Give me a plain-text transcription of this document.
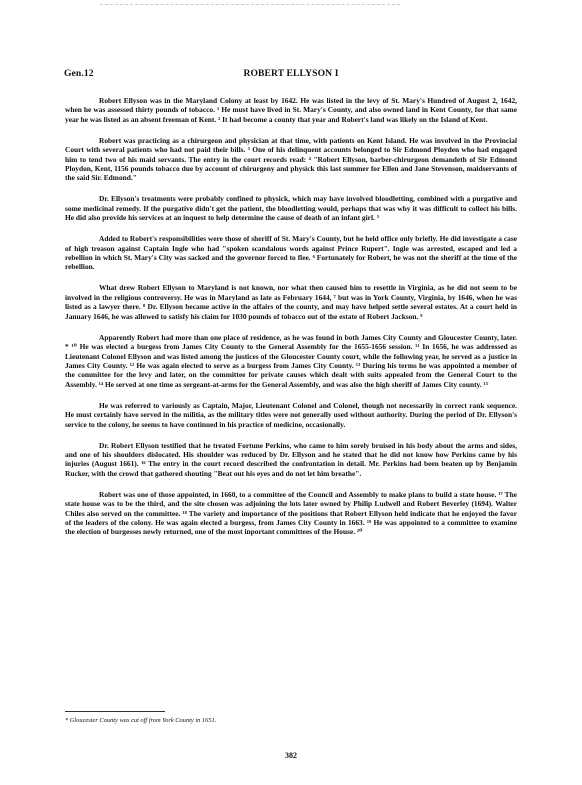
Gen.12	ROBERT ELLYSON I

Robert Ellyson was in the Maryland Colony at least by 1642. He was listed in the levy of St. Mary's Hundred of August 2, 1642, when he was assessed thirty pounds of tobacco. ¹ He must have lived in St. Mary's County, and also owned land in Kent County, for that same year he was listed as an absent freeman of Kent. ² It had become a county that year and Robert's land was likely on the Island of Kent.

Robert was practicing as a chirurgeon and physician at that time, with patients on Kent Island. He was involved in the Provincial Court with several patients who had not paid their bills. ³ One of his delinquent accounts belonged to Sir Edmond Ployden who had engaged him to tend two of his maid servants. The entry in the court records read: ⁴ "Robert Ellyson, barber-chirurgeon demandeth of Sir Edmond Ploydon, Kent, 1156 pounds tobacco due by account of chirurgeny and physick this last summer for Ellen and Jane Stevenson, maidservants of the said Sir. Edmond."

Dr. Ellyson's treatments were probably confined to physick, which may have involved bloodletting, combined with a purgative and some medicinal remedy. If the purgative didn't get the patient, the bloodletting would, perhaps that was why it was difficult to collect his bills. He did also provide his services at an inquest to help determine the cause of death of an infant girl. ⁵

Added to Robert's responsibilities were those of sheriff of St. Mary's County, but he held office only briefly. He did investigate a case of high treason against Captain Ingle who had "spoken scandalous words against Prince Rupert". Ingle was arrested, escaped and led a rebellion in which St. Mary's City was sacked and the governor forced to flee. ⁶ Fortunately for Robert, he was not the sheriff at the time of the rebellion.

What drew Robert Ellyson to Maryland is not known, nor what then caused him to resettle in Virginia, as he did not seem to be involved in the religious controversy. He was in Maryland as late as February 1644, ⁷ but was in York County, Virginia, by 1646, when he was listed as a lawyer there. ⁸ Dr. Ellyson became active in the affairs of the county, and may have helped settle several estates. At a court held in January 1646, he was allowed to satisfy his claim for 1030 pounds of tobacco out of the estate of Robert Jackson. ⁹

Apparently Robert had more than one place of residence, as he was found in both James City County and Gloucester County, later. * ¹⁰ He was elected a burgess from James City County to the General Assembly for the 1655-1656 session. ¹¹ In 1656, he was addressed as Lieutenant Colonel Ellyson and was listed among the justices of the Gloucester County court, while the following year, he served as a justice in James City County. ¹² He was again elected to serve as a burgess from James City County. ¹³ During his terms he was appointed a member of the committee for the levy and later, on the committee for private causes which dealt with suits appealed from the General Court to the Assembly. ¹⁴ He served at one time as sergeant-at-arms for the General Assembly, and was also the high sheriff of James City county. ¹⁵

He was referred to variously as Captain, Major, Lieutenant Colonel and Colonel, though not necessarily in correct rank sequence. He must certainly have served in the militia, as the military titles were not generally used without authority. During the period of Dr. Ellyson's service to the colony, he seems to have continued in his practice of medicine, occasionally.

Dr. Robert Ellyson testified that he treated Fortune Perkins, who came to him sorely bruised in his body about the arms and sides, and one of his shoulders dislocated. His shoulder was reduced by Dr. Ellyson and he stated that he did not know how Perkins came by his injuries (August 1661). ¹⁶ The entry in the court record described the confrontation in detail. Mr. Perkins had been beaten up by Benjamin Rucker, with the crowd that gathered shouting "Beat out his eyes and do not let him breathe".

Robert was one of those appointed, in 1660, to a committee of the Council and Assembly to make plans to build a state house. ¹⁷ The state house was to be the third, and the site chosen was adjoining the lots later owned by Philip Ludwell and Robert Beverley (1694). Walter Chiles also served on the committee. ¹⁸ The variety and importance of the positions that Robert Ellyson held indicate that he enjoyed the favor of the leaders of the colony. He was again elected a burgess, from James City County in 1663. ¹⁹ He was appointed to a committee to examine the election of burgesses newly returned, one of the most inportant committees of the House. ²⁰

* Gloucester County was cut off from York County in 1651.
382
